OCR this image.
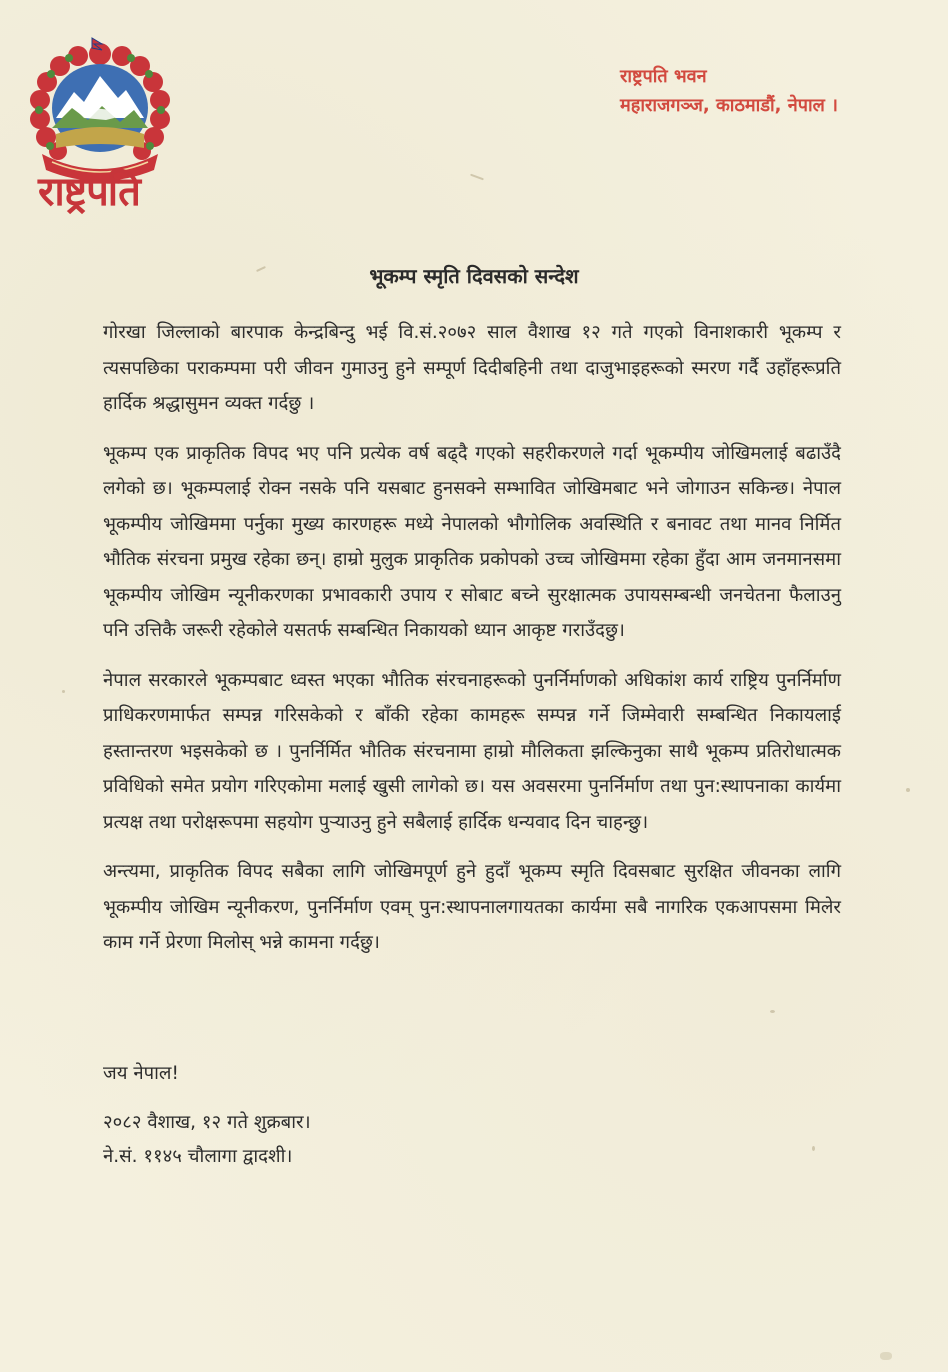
राष्ट्रपति
राष्ट्रपति भवन
महाराजगञ्ज, काठमाडौं, नेपाल ।
भूकम्प स्मृति दिवसको सन्देश

गोरखा जिल्लाको बारपाक केन्द्रबिन्दु भई वि.सं.२०७२ साल वैशाख १२ गते गएको विनाशकारी भूकम्प र त्यसपछिका पराकम्पमा परी जीवन गुमाउनु हुने सम्पूर्ण दिदीबहिनी तथा दाजुभाइहरूको स्मरण गर्दै उहाँहरूप्रति हार्दिक श्रद्धासुमन व्यक्त गर्दछु ।

भूकम्प एक प्राकृतिक विपद भए पनि प्रत्येक वर्ष बढ्दै गएको सहरीकरणले गर्दा भूकम्पीय जोखिमलाई बढाउँदै लगेको छ। भूकम्पलाई रोक्न नसके पनि यसबाट हुनसक्ने सम्भावित जोखिमबाट भने जोगाउन सकिन्छ। नेपाल भूकम्पीय जोखिममा पर्नुका मुख्य कारणहरू मध्ये नेपालको भौगोलिक अवस्थिति र बनावट तथा मानव निर्मित भौतिक संरचना प्रमुख रहेका छन्। हाम्रो मुलुक प्राकृतिक प्रकोपको उच्च जोखिममा रहेका हुँदा आम जनमानसमा भूकम्पीय जोखिम न्यूनीकरणका प्रभावकारी उपाय र सोबाट बच्ने सुरक्षात्मक उपायसम्बन्धी जनचेतना फैलाउनु पनि उत्तिकै जरूरी रहेकोले यसतर्फ सम्बन्धित निकायको ध्यान आकृष्ट गराउँदछु।

नेपाल सरकारले भूकम्पबाट ध्वस्त भएका भौतिक संरचनाहरूको पुनर्निर्माणको अधिकांश कार्य राष्ट्रिय पुनर्निर्माण प्राधिकरणमार्फत सम्पन्न गरिसकेको र बाँकी रहेका कामहरू सम्पन्न गर्ने जिम्मेवारी सम्बन्धित निकायलाई हस्तान्तरण भइसकेको छ । पुनर्निर्मित भौतिक संरचनामा हाम्रो मौलिकता झल्किनुका साथै भूकम्प प्रतिरोधात्मक प्रविधिको समेत प्रयोग गरिएकोमा मलाई खुसी लागेको छ। यस अवसरमा पुनर्निर्माण तथा पुन:स्थापनाका कार्यमा प्रत्यक्ष तथा परोक्षरूपमा सहयोग पुऱ्याउनु हुने सबैलाई हार्दिक धन्यवाद दिन चाहन्छु।

अन्त्यमा, प्राकृतिक विपद सबैका लागि जोखिमपूर्ण हुने हुदाँ भूकम्प स्मृति दिवसबाट सुरक्षित जीवनका लागि भूकम्पीय जोखिम न्यूनीकरण, पुनर्निर्माण एवम् पुन:स्थापनालगायतका कार्यमा सबै नागरिक एकआपसमा मिलेर काम गर्ने प्रेरणा मिलोस् भन्ने कामना गर्दछु।

जय नेपाल!
२०८२ वैशाख, १२ गते शुक्रबार।
ने.सं. ११४५ चौलागा द्वादशी।
